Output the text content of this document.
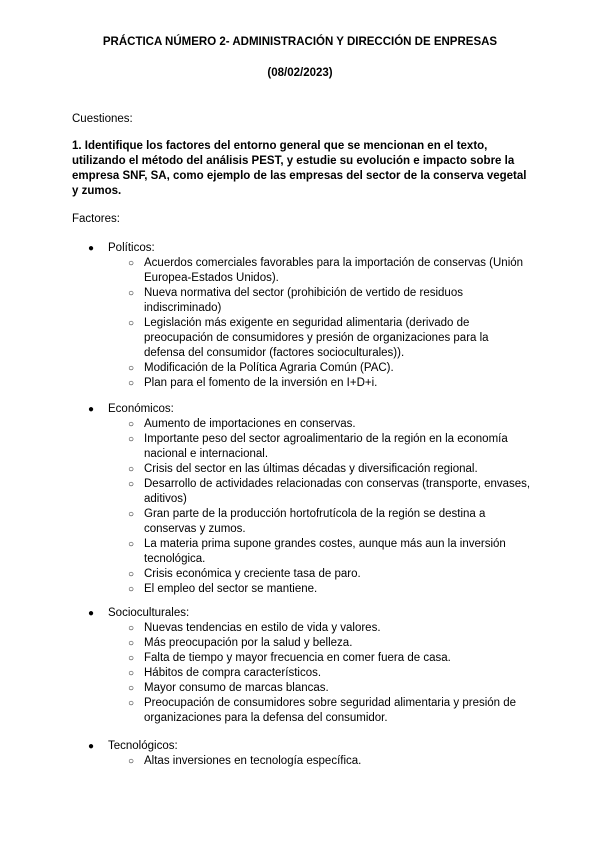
PRÁCTICA NÚMERO 2- ADMINISTRACIÓN Y DIRECCIÓN DE ENPRESAS
(08/02/2023)
Cuestiones:
1. Identifique los factores del entorno general que se mencionan en el texto, utilizando el método del análisis PEST, y estudie su evolución e impacto sobre la empresa SNF, SA, como ejemplo de las empresas del sector de la conserva vegetal y zumos.
Factores:
● Políticos:
○ Acuerdos comerciales favorables para la importación de conservas (Unión Europea-Estados Unidos).
○ Nueva normativa del sector (prohibición de vertido de residuos indiscriminado)
○ Legislación más exigente en seguridad alimentaria (derivado de preocupación de consumidores y presión de organizaciones para la defensa del consumidor (factores socioculturales)).
○ Modificación de la Política Agraria Común (PAC).
○ Plan para el fomento de la inversión en I+D+i.
● Económicos:
○ Aumento de importaciones en conservas.
○ Importante peso del sector agroalimentario de la región en la economía nacional e internacional.
○ Crisis del sector en las últimas décadas y diversificación regional.
○ Desarrollo de actividades relacionadas con conservas (transporte, envases, aditivos)
○ Gran parte de la producción hortofrutícola de la región se destina a conservas y zumos.
○ La materia prima supone grandes costes, aunque más aun la inversión tecnológica.
○ Crisis económica y creciente tasa de paro.
○ El empleo del sector se mantiene.
● Socioculturales:
○ Nuevas tendencias en estilo de vida y valores.
○ Más preocupación por la salud y belleza.
○ Falta de tiempo y mayor frecuencia en comer fuera de casa.
○ Hábitos de compra característicos.
○ Mayor consumo de marcas blancas.
○ Preocupación de consumidores sobre seguridad alimentaria y presión de organizaciones para la defensa del consumidor.
● Tecnológicos:
○ Altas inversiones en tecnología específica.
